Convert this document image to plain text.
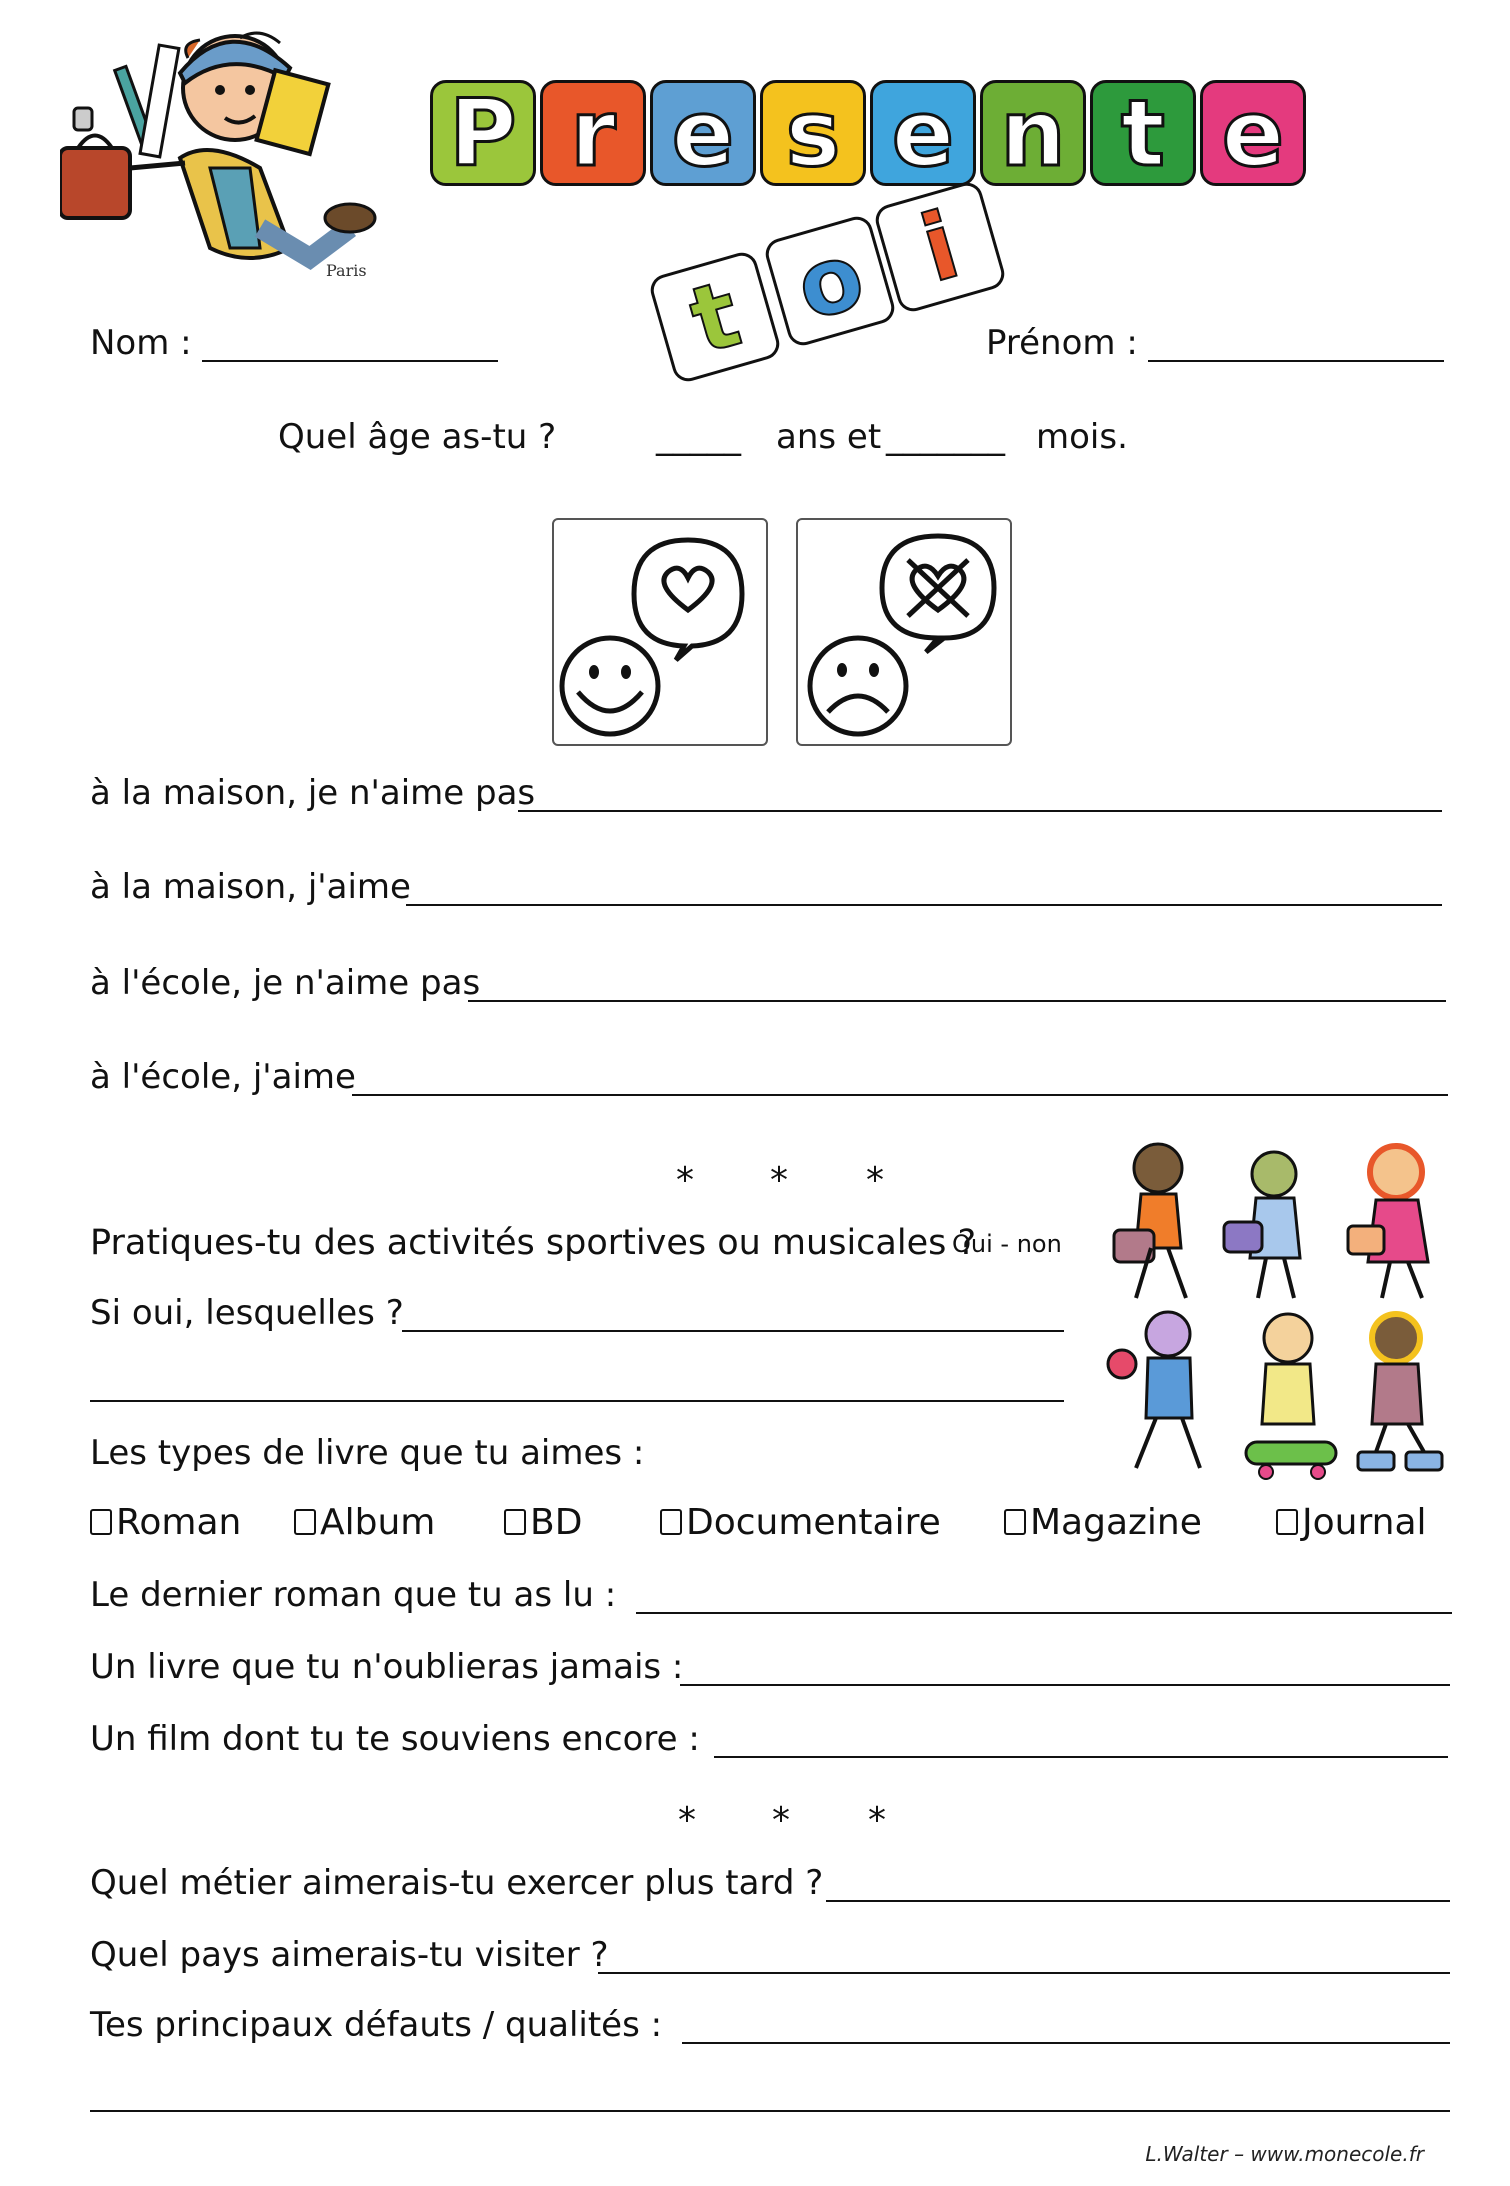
Paris
P r e s e n t e
t o i
Nom :	Prénom :
Quel âge as-tu ?	_____ ans et _______ mois.
à la maison, je n'aime pas
à la maison, j'aime
à l'école, je n'aime pas
à l'école, j'aime
* * *
Pratiques-tu des activités sportives ou musicales ?
Oui - non
Si oui, lesquelles ?
Les types de livre que tu aimes :
Roman	Album	BD	Documentaire	Magazine	Journal
Le dernier roman que tu as lu :
Un livre que tu n'oublieras jamais :
Un film dont tu te souviens encore :
* * *
Quel métier aimerais-tu exercer plus tard ?
Quel pays aimerais-tu visiter ?
Tes principaux défauts / qualités :
L.Walter – www.monecole.fr
